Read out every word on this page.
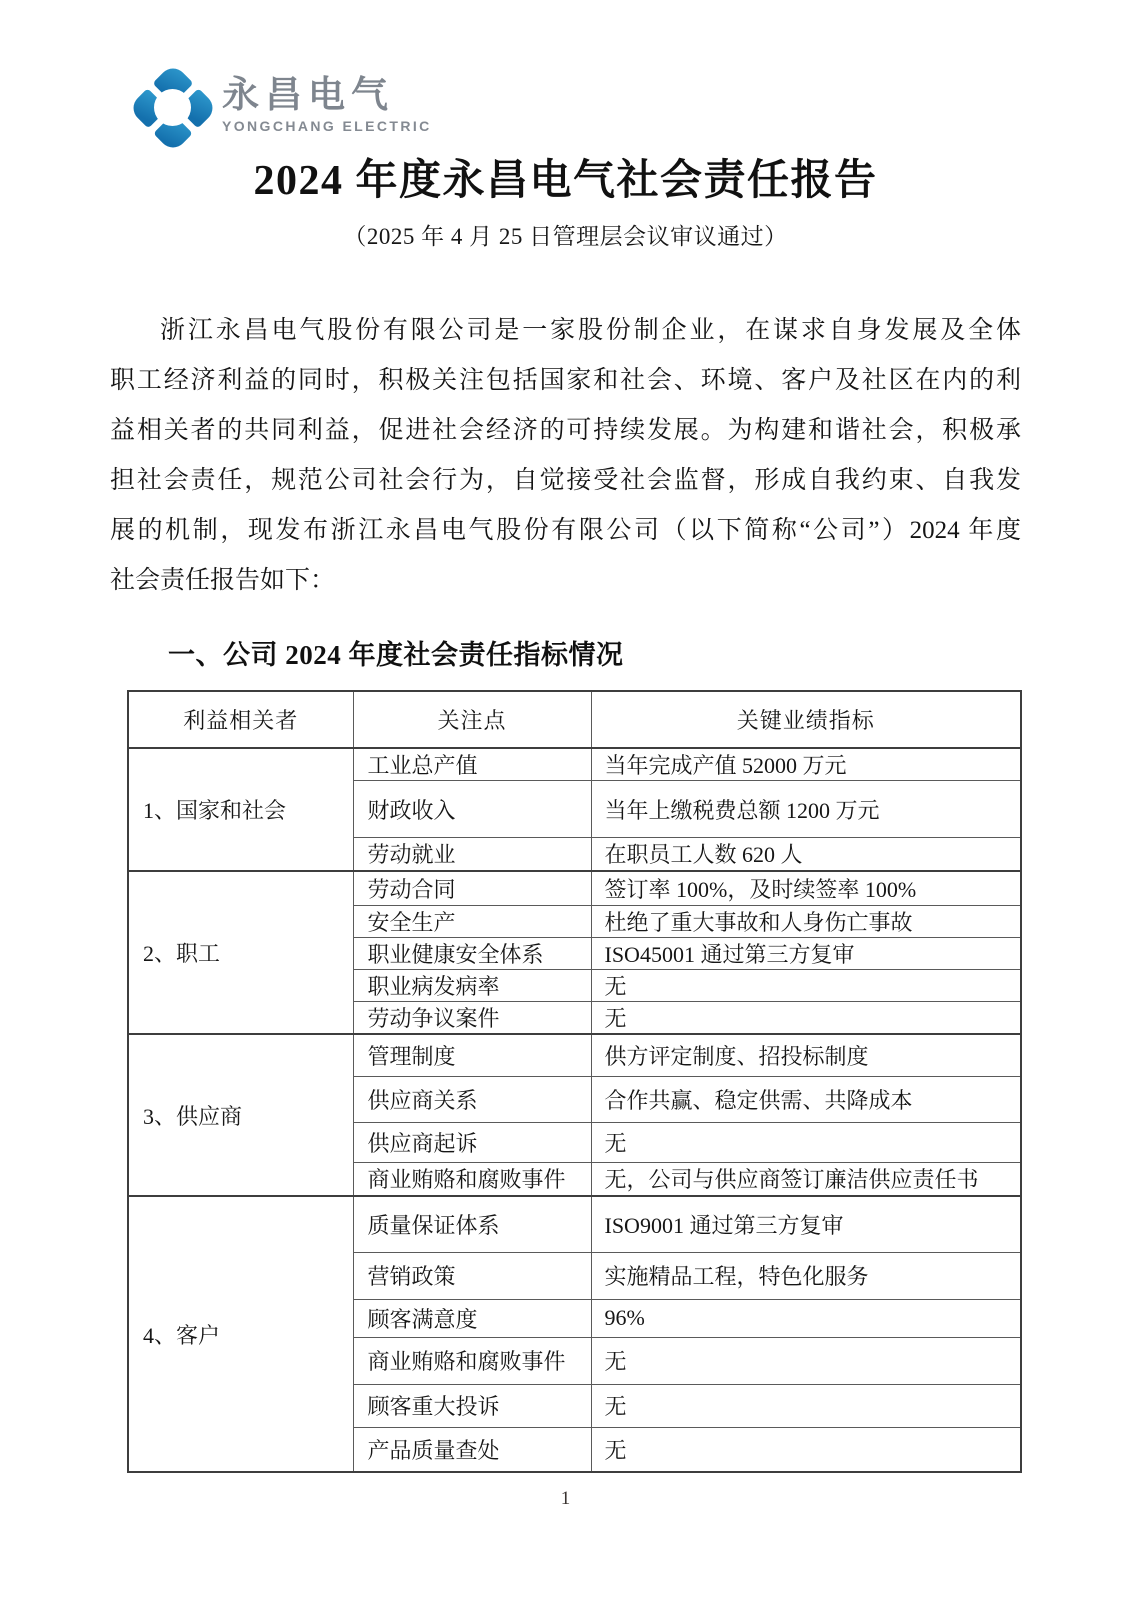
永昌电气
YONGCHANG ELECTRIC
2024 年度永昌电气社会责任报告
（2025 年 4 月 25 日管理层会议审议通过）
浙江永昌电气股份有限公司是一家股份制企业，在谋求自身发展及全体
职工经济利益的同时，积极关注包括国家和社会、环境、客户及社区在内的利
益相关者的共同利益，促进社会经济的可持续发展。为构建和谐社会，积极承
担社会责任，规范公司社会行为，自觉接受社会监督，形成自我约束、自我发
展的机制，现发布浙江永昌电气股份有限公司（以下简称“公司”）2024 年度
社会责任报告如下：
一、公司 2024 年度社会责任指标情况
利益相关者	关注点	关键业绩指标
1、国家和社会	工业总产值	当年完成产值 52000 万元
	财政收入	当年上缴税费总额 1200 万元
	劳动就业	在职员工人数 620 人
2、职工	劳动合同	签订率 100%，及时续签率 100%
	安全生产	杜绝了重大事故和人身伤亡事故
	职业健康安全体系	ISO45001 通过第三方复审
	职业病发病率	无
	劳动争议案件	无
3、供应商	管理制度	供方评定制度、招投标制度
	供应商关系	合作共赢、稳定供需、共降成本
	供应商起诉	无
	商业贿赂和腐败事件	无，公司与供应商签订廉洁供应责任书
4、客户	质量保证体系	ISO9001 通过第三方复审
	营销政策	实施精品工程，特色化服务
	顾客满意度	96%
	商业贿赂和腐败事件	无
	顾客重大投诉	无
	产品质量查处	无
1
